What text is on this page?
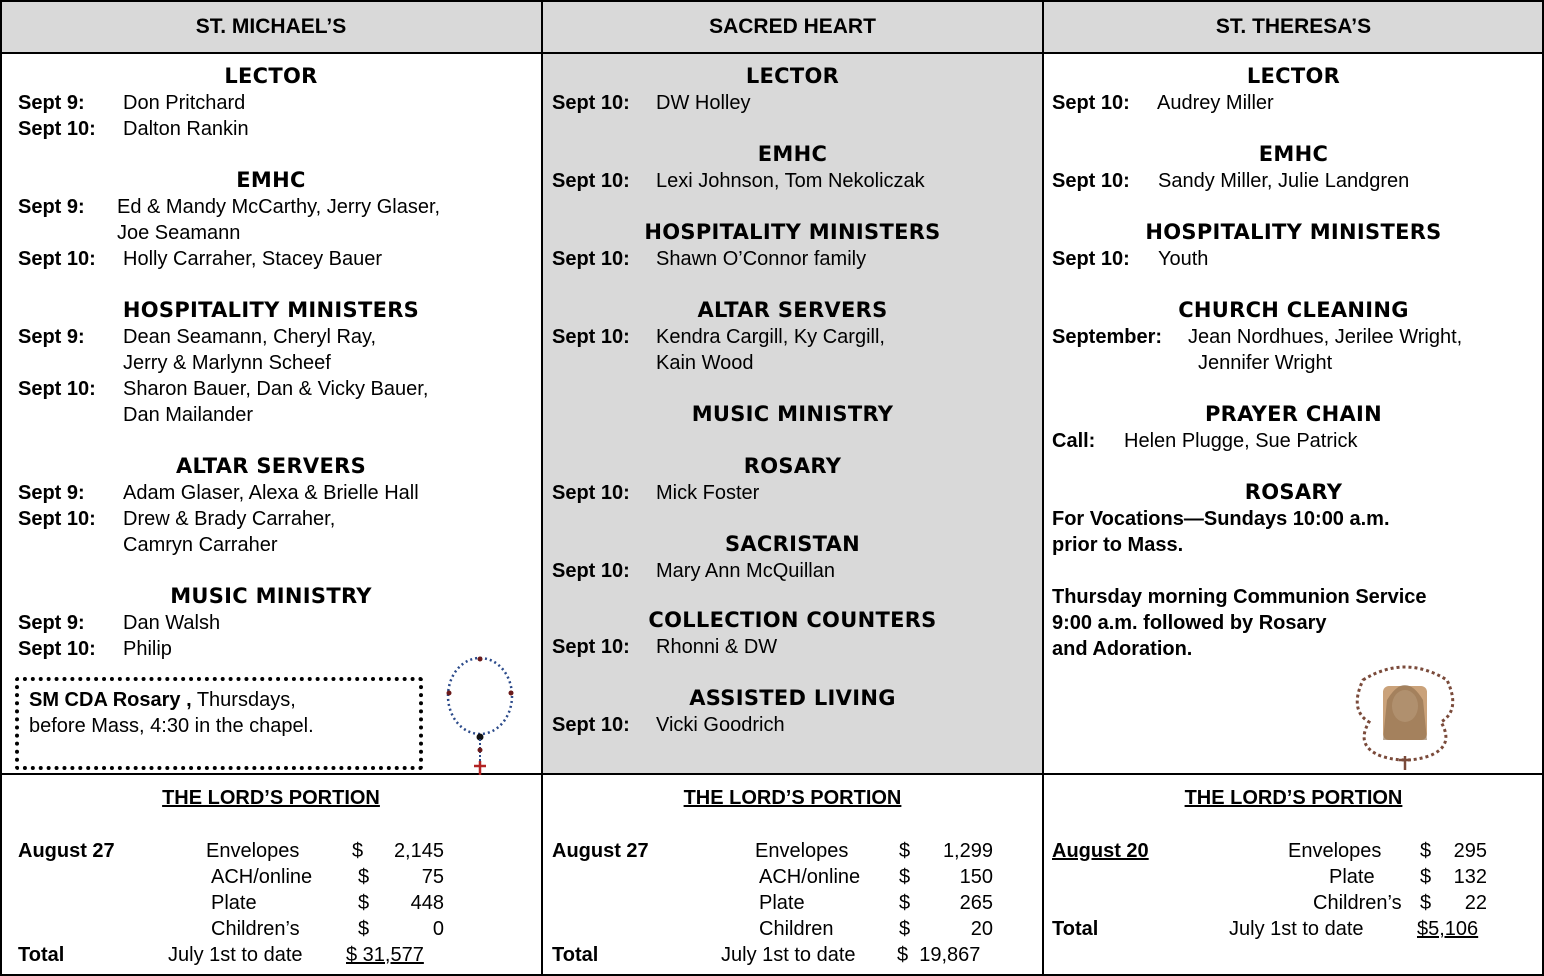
ST. MICHAEL’S	SACRED HEART	ST. THERESA’S
LECTOR
Sept 9: Don Pritchard
Sept 10: Dalton Rankin
EMHC
Sept 9: Ed & Mandy McCarthy, Jerry Glaser,
Joe Seamann
Sept 10: Holly Carraher, Stacey Bauer
HOSPITALITY MINISTERS
Sept 9: Dean Seamann, Cheryl Ray,
Jerry & Marlynn Scheef
Sept 10: Sharon Bauer, Dan & Vicky Bauer,
Dan Mailander
ALTAR SERVERS
Sept 9: Adam Glaser, Alexa & Brielle Hall
Sept 10: Drew & Brady Carraher,
Camryn Carraher
MUSIC MINISTRY
Sept 9: Dan Walsh
Sept 10: Philip
SM CDA Rosary , Thursdays,
before Mass, 4:30 in the chapel.
THE LORD’S PORTION
August 27	Envelopes	$	2,145
ACH/online $	75
Plate	$	448
Children’s	$	0
Total	July 1st to date $ 31,577
LECTOR
Sept 10: DW Holley
EMHC
Sept 10: Lexi Johnson, Tom Nekoliczak
HOSPITALITY MINISTERS
Sept 10: Shawn O’Connor family
ALTAR SERVERS
Sept 10: Kendra Cargill, Ky Cargill,
Kain Wood
MUSIC MINISTRY
ROSARY
Sept 10: Mick Foster
SACRISTAN
Sept 10: Mary Ann McQuillan
COLLECTION COUNTERS
Sept 10: Rhonni & DW
ASSISTED LIVING
Sept 10: Vicki Goodrich
THE LORD’S PORTION
August 27	Envelopes	$	1,299
ACH/online $	150
Plate	$	265
Children	$	20
Total	July 1st to date $  19,867
LECTOR
Sept 10: Audrey Miller
EMHC
Sept 10: Sandy Miller, Julie Landgren
HOSPITALITY MINISTERS
Sept 10: Youth
CHURCH CLEANING
September: Jean Nordhues, Jerilee Wright,
Jennifer Wright
PRAYER CHAIN
Call: Helen Plugge, Sue Patrick
ROSARY
For Vocations—Sundays 10:00 a.m.
prior to Mass.
Thursday morning Communion Service
9:00 a.m. followed by Rosary
and Adoration.
THE LORD’S PORTION
August 20	Envelopes $	295
Plate $	132
Children’s $	22
Total	July 1st to date	$5,106
